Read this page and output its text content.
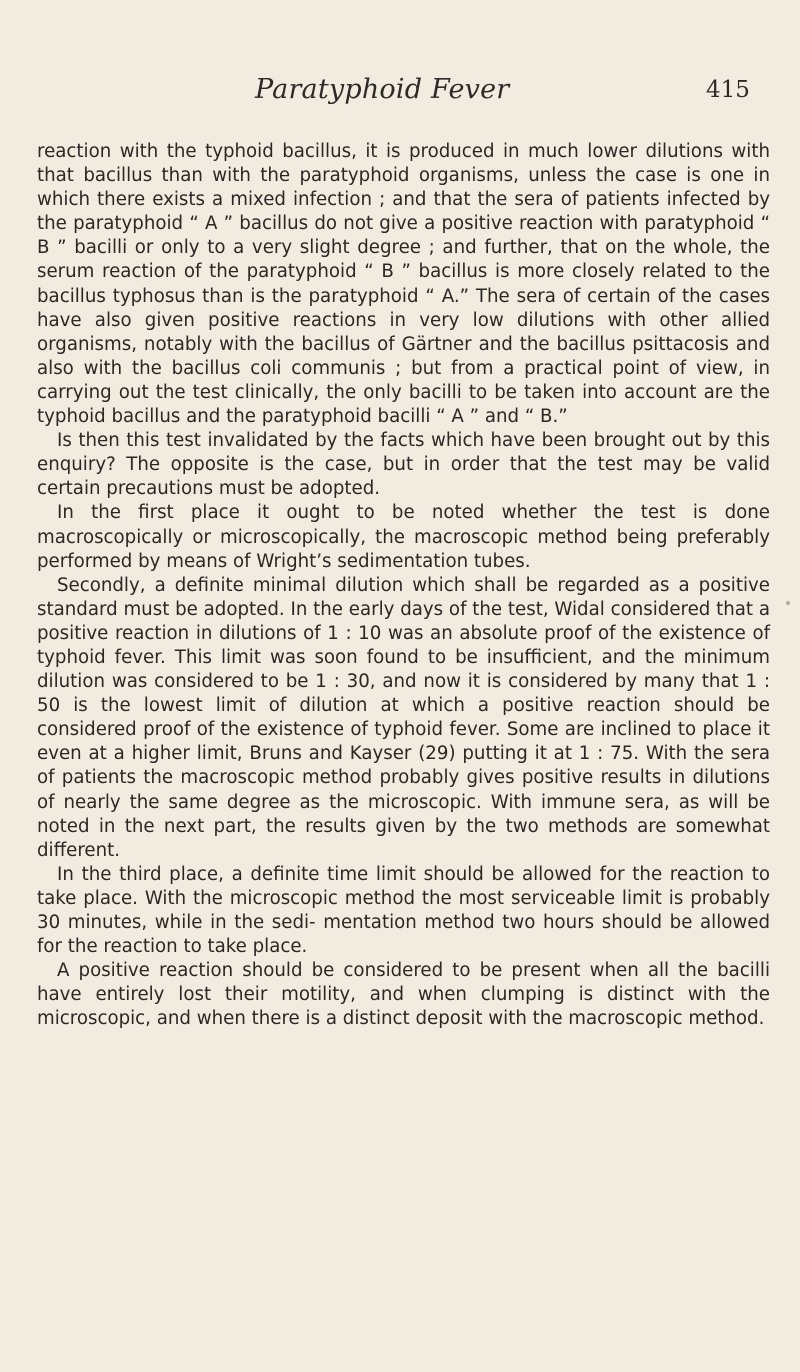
Paratyphoid Fever	415

reaction with the typhoid bacillus, it is produced in much lower dilutions with that bacillus than with the paratyphoid organisms, unless the case is one in which there exists a mixed infection ; and that the sera of patients infected by the paratyphoid “ A ” bacillus do not give a positive reaction with paratyphoid “ B ” bacilli or only to a very slight degree ; and further, that on the whole, the serum reaction of the paratyphoid “ B ” bacillus is more closely related to the bacillus typhosus than is the paratyphoid “ A.” The sera of certain of the cases have also given positive reactions in very low dilutions with other allied organisms, notably with the bacillus of Gärtner and the bacillus psittacosis and also with the bacillus coli communis ; but from a practical point of view, in carrying out the test clinically, the only bacilli to be taken into account are the typhoid bacillus and the paratyphoid bacilli “ A ” and “ B.”

Is then this test invalidated by the facts which have been brought out by this enquiry? The opposite is the case, but in order that the test may be valid certain precautions must be adopted.

In the first place it ought to be noted whether the test is done macroscopically or microscopically, the macroscopic method being preferably performed by means of Wright’s sedimentation tubes.

Secondly, a definite minimal dilution which shall be regarded as a positive standard must be adopted. In the early days of the test, Widal considered that a positive reaction in dilutions of 1 : 10 was an absolute proof of the existence of typhoid fever. This limit was soon found to be insufficient, and the minimum dilution was considered to be 1 : 30, and now it is considered by many that 1 : 50 is the lowest limit of dilution at which a positive reaction should be considered proof of the existence of typhoid fever. Some are inclined to place it even at a higher limit, Bruns and Kayser (29) putting it at 1 : 75. With the sera of patients the macroscopic method probably gives positive results in dilutions of nearly the same degree as the microscopic. With immune sera, as will be noted in the next part, the results given by the two methods are somewhat different.

In the third place, a definite time limit should be allowed for the reaction to take place. With the microscopic method the most serviceable limit is probably 30 minutes, while in the sedi- mentation method two hours should be allowed for the reaction to take place.

A positive reaction should be considered to be present when all the bacilli have entirely lost their motility, and when clumping is distinct with the microscopic, and when there is a distinct deposit with the macroscopic method.
